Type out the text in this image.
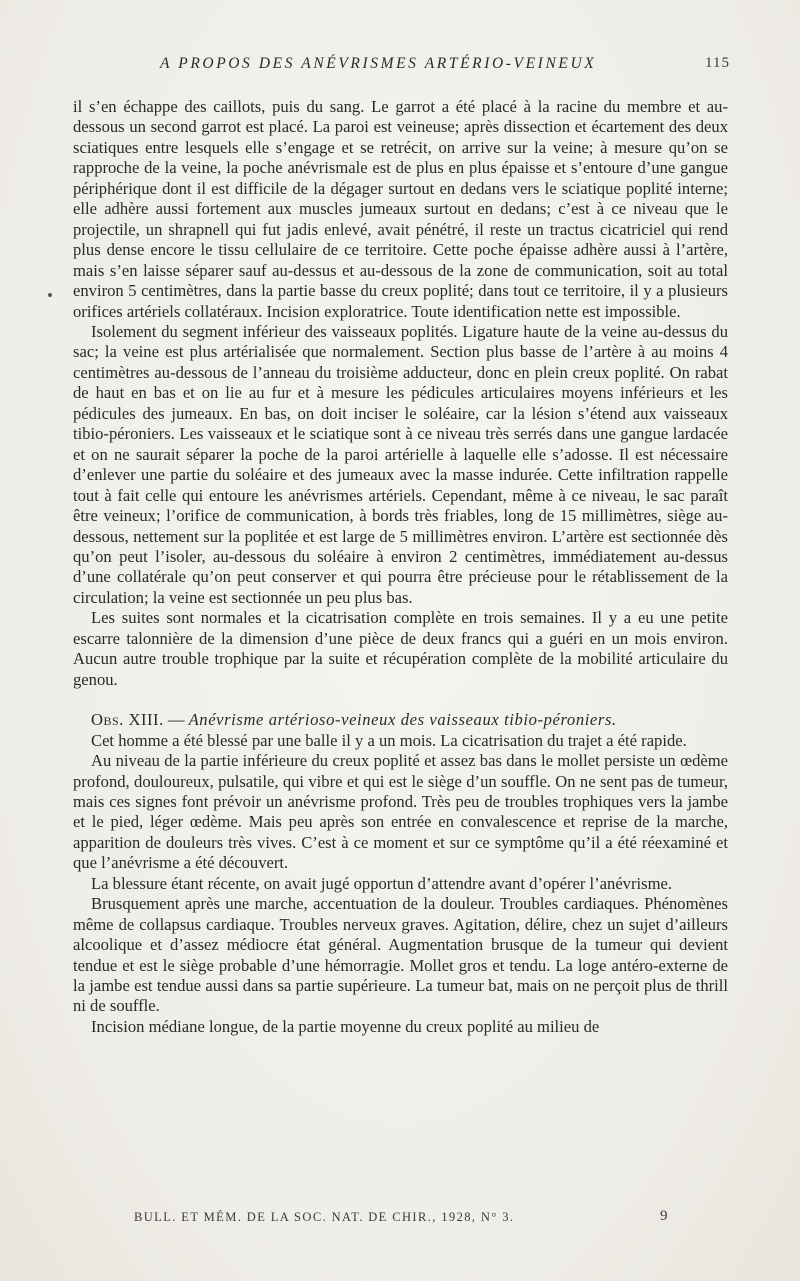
A PROPOS DES ANÉVRISMES ARTÉRIO-VEINEUX	115

il s’en échappe des caillots, puis du sang. Le garrot a été placé à la racine du membre et au-dessous un second garrot est placé. La paroi est veineuse; après dissection et écartement des deux sciatiques entre lesquels elle s’engage et se retrécit, on arrive sur la veine; à mesure qu’on se rapproche de la veine, la poche anévrismale est de plus en plus épaisse et s’entoure d’une gangue périphérique dont il est difficile de la dégager surtout en dedans vers le sciatique poplité interne; elle adhère aussi fortement aux muscles jumeaux surtout en dedans; c’est à ce niveau que le projectile, un shrapnell qui fut jadis enlevé, avait pénétré, il reste un tractus cicatriciel qui rend plus dense encore le tissu cellulaire de ce territoire. Cette poche épaisse adhère aussi à l’artère, mais s’en laisse séparer sauf au-dessus et au-dessous de la zone de communication, soit au total environ 5 centimètres, dans la partie basse du creux poplité; dans tout ce territoire, il y a plusieurs orifices artériels collatéraux. Incision exploratrice. Toute identification nette est impossible.

Isolement du segment inférieur des vaisseaux poplités. Ligature haute de la veine au-dessus du sac; la veine est plus artérialisée que normalement. Section plus basse de l’artère à au moins 4 centimètres au-dessous de l’anneau du troisième adducteur, donc en plein creux poplité. On rabat de haut en bas et on lie au fur et à mesure les pédicules articulaires moyens inférieurs et les pédicules des jumeaux. En bas, on doit inciser le soléaire, car la lésion s’étend aux vaisseaux tibio-péroniers. Les vaisseaux et le sciatique sont à ce niveau très serrés dans une gangue lardacée et on ne saurait séparer la poche de la paroi artérielle à laquelle elle s’adosse. Il est nécessaire d’enlever une partie du soléaire et des jumeaux avec la masse indurée. Cette infiltration rappelle tout à fait celle qui entoure les anévrismes artériels. Cependant, même à ce niveau, le sac paraît être veineux; l’orifice de communication, à bords très friables, long de 15 millimètres, siège au-dessous, nettement sur la poplitée et est large de 5 millimètres environ. L’artère est sectionnée dès qu’on peut l’isoler, au-dessous du soléaire à environ 2 centimètres, immédiatement au-dessus d’une collatérale qu’on peut conserver et qui pourra être précieuse pour le rétablissement de la circulation; la veine est sectionnée un peu plus bas.

Les suites sont normales et la cicatrisation complète en trois semaines. Il y a eu une petite escarre talonnière de la dimension d’une pièce de deux francs qui a guéri en un mois environ. Aucun autre trouble trophique par la suite et récupération complète de la mobilité articulaire du genou.

Obs. XIII. — Anévrisme artérioso-veineux des vaisseaux tibio-péroniers.

Cet homme a été blessé par une balle il y a un mois. La cicatrisation du trajet a été rapide.

Au niveau de la partie inférieure du creux poplité et assez bas dans le mollet persiste un œdème profond, douloureux, pulsatile, qui vibre et qui est le siège d’un souffle. On ne sent pas de tumeur, mais ces signes font prévoir un anévrisme profond. Très peu de troubles trophiques vers la jambe et le pied, léger œdème. Mais peu après son entrée en convalescence et reprise de la marche, apparition de douleurs très vives. C’est à ce moment et sur ce symptôme qu’il a été réexaminé et que l’anévrisme a été découvert.

La blessure étant récente, on avait jugé opportun d’attendre avant d’opérer l’anévrisme.

Brusquement après une marche, accentuation de la douleur. Troubles cardiaques. Phénomènes même de collapsus cardiaque. Troubles nerveux graves. Agitation, délire, chez un sujet d’ailleurs alcoolique et d’assez médiocre état général. Augmentation brusque de la tumeur qui devient tendue et est le siège probable d’une hémorragie. Mollet gros et tendu. La loge antéro-externe de la jambe est tendue aussi dans sa partie supérieure. La tumeur bat, mais on ne perçoit plus de thrill ni de souffle.

Incision médiane longue, de la partie moyenne du creux poplité au milieu de

BULL. ET MÉM. DE LA SOC. NAT. DE CHIR., 1928, N° 3.	9
